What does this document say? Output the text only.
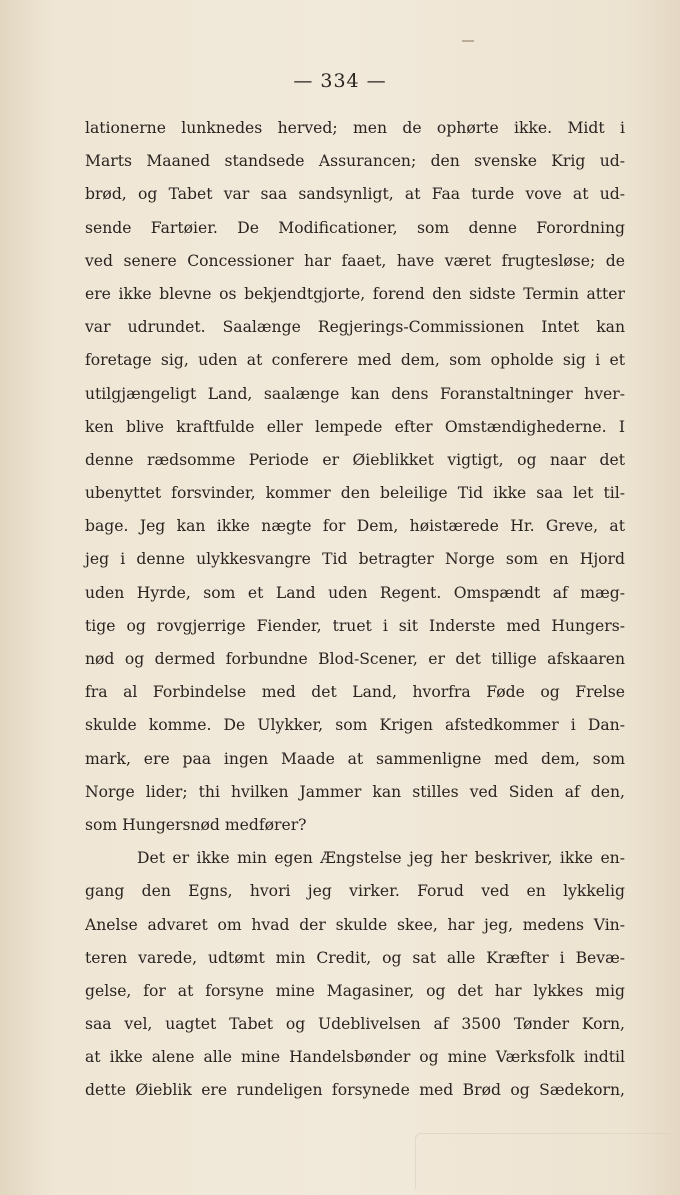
— 334 —
lationerne lunknedes herved; men de ophørte ikke. Midt i
Marts Maaned standsede Assurancen; den svenske Krig ud-
brød, og Tabet var saa sandsynligt, at Faa turde vove at ud-
sende Fartøier. De Modificationer, som denne Forordning
ved senere Concessioner har faaet, have været frugtesløse; de
ere ikke blevne os bekjendtgjorte, forend den sidste Termin atter
var udrundet. Saalænge Regjerings-Commissionen Intet kan
foretage sig, uden at conferere med dem, som opholde sig i et
utilgjængeligt Land, saalænge kan dens Foranstaltninger hver-
ken blive kraftfulde eller lempede efter Omstændighederne. I
denne rædsomme Periode er Øieblikket vigtigt, og naar det
ubenyttet forsvinder, kommer den beleilige Tid ikke saa let til-
bage. Jeg kan ikke nægte for Dem, høistærede Hr. Greve, at
jeg i denne ulykkesvangre Tid betragter Norge som en Hjord
uden Hyrde, som et Land uden Regent. Omspændt af mæg-
tige og rovgjerrige Fiender, truet i sit Inderste med Hungers-
nød og dermed forbundne Blod-Scener, er det tillige afskaaren
fra al Forbindelse med det Land, hvorfra Føde og Frelse
skulde komme. De Ulykker, som Krigen afstedkommer i Dan-
mark, ere paa ingen Maade at sammenligne med dem, som
Norge lider; thi hvilken Jammer kan stilles ved Siden af den,
som Hungersnød medfører?
Det er ikke min egen Ængstelse jeg her beskriver, ikke en-
gang den Egns, hvori jeg virker. Forud ved en lykkelig
Anelse advaret om hvad der skulde skee, har jeg, medens Vin-
teren varede, udtømt min Credit, og sat alle Kræfter i Bevæ-
gelse, for at forsyne mine Magasiner, og det har lykkes mig
saa vel, uagtet Tabet og Udeblivelsen af 3500 Tønder Korn,
at ikke alene alle mine Handelsbønder og mine Værksfolk indtil
dette Øieblik ere rundeligen forsynede med Brød og Sædekorn,
